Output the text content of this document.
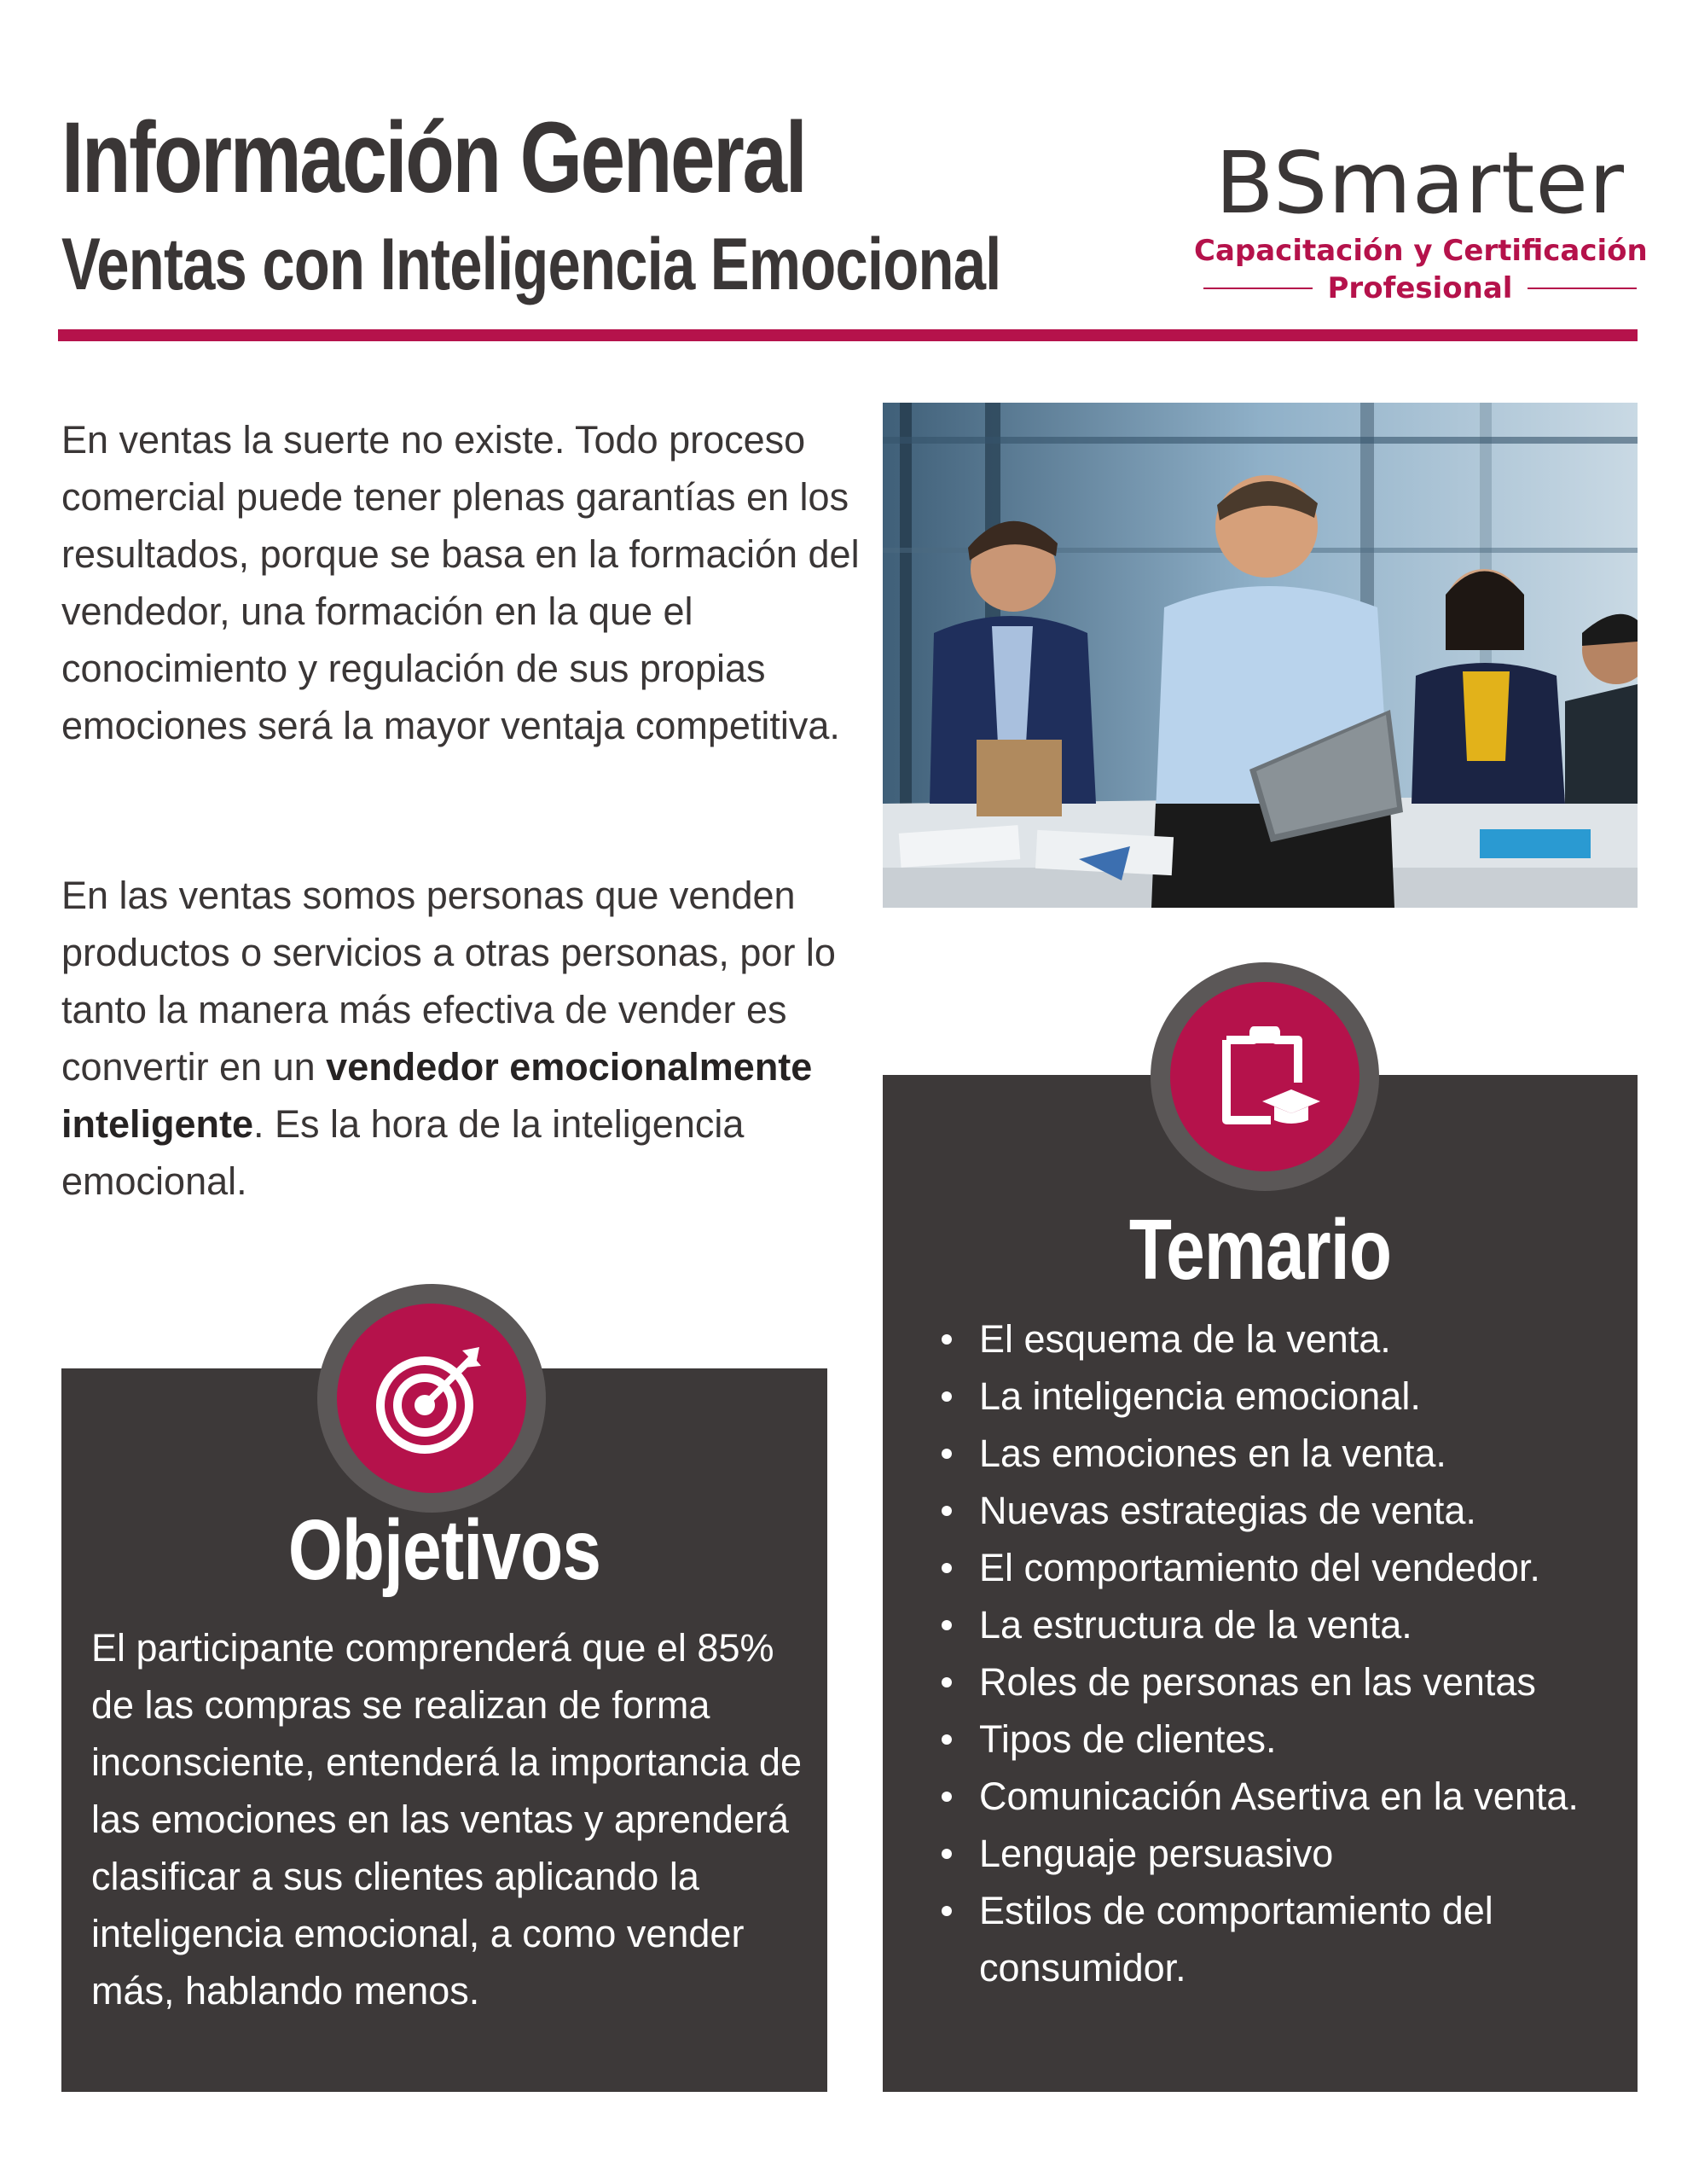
Información General
Ventas con Inteligencia Emocional
BSmarter
Capacitación y Certificación
Profesional

En ventas la suerte no existe. Todo proceso comercial puede tener plenas garantías en los resultados, porque se basa en la formación del vendedor, una formación en la que el conocimiento y regulación de sus propias emociones será la mayor ventaja competitiva.

En las ventas somos personas que venden productos o servicios a otras personas, por lo tanto la manera más efectiva de vender es convertir en un vendedor emocionalmente inteligente. Es la hora de la inteligencia emocional.

Temario
El esquema de la venta.
La inteligencia emocional.
Las emociones en la venta.
Nuevas estrategias de venta.
El comportamiento del vendedor.
La estructura de la venta.
Roles de personas en las ventas
Tipos de clientes.
Comunicación Asertiva en la venta.
Lenguaje persuasivo
Estilos de comportamiento del consumidor.
Objetivos

El participante comprenderá que el 85% de las compras se realizan de forma inconsciente, entenderá la importancia de las emociones en las ventas y aprenderá clasificar a sus clientes aplicando la inteligencia emocional, a como vender más, hablando menos.
